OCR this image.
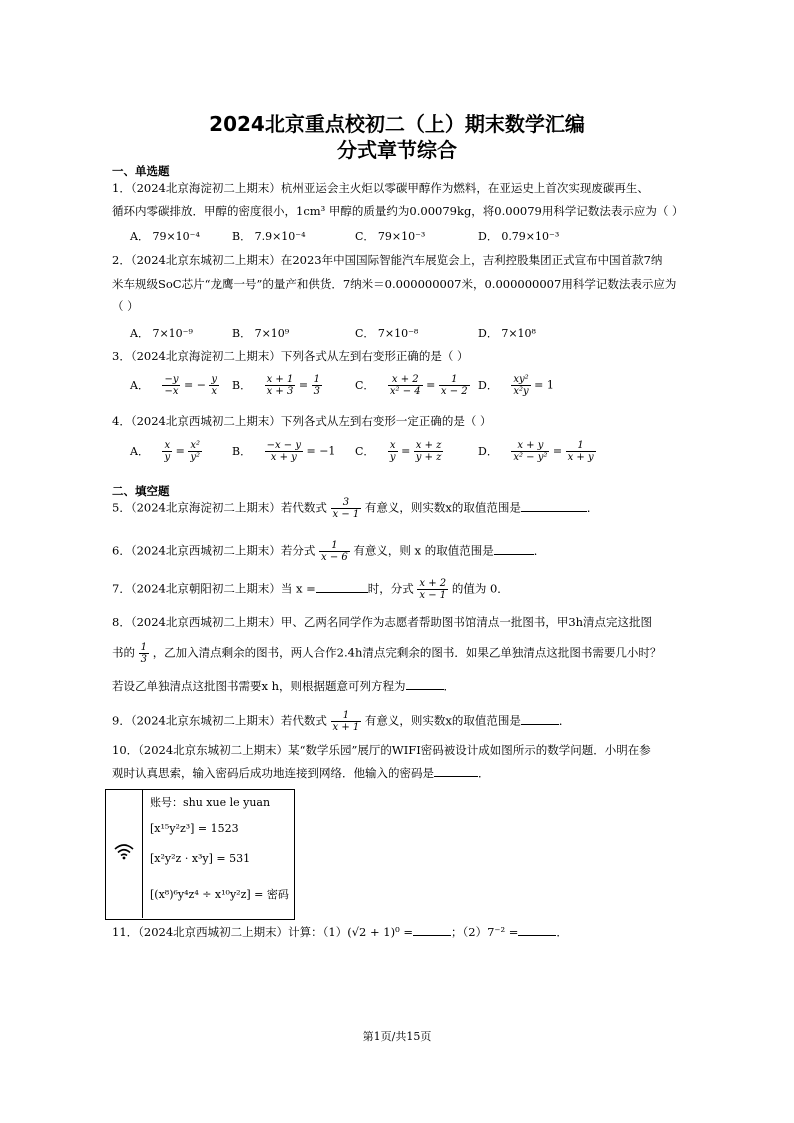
2024北京重点校初二（上）期末数学汇编
分式章节综合
一、单选题
1．（2024北京海淀初二上期末）杭州亚运会主火炬以零碳甲醇作为燃料，在亚运史上首次实现废碳再生、
循环内零碳排放．甲醇的密度很小，1cm³ 甲醇的质量约为0.00079kg，将0.00079用科学记数法表示应为（ ）
A． 79×10⁻⁴	B． 7.9×10⁻⁴	C． 79×10⁻³	D． 0.79×10⁻³
2．（2024北京东城初二上期末）在2023年中国国际智能汽车展览会上，吉利控股集团正式宣布中国首款7纳
米车规级SoC芯片“龙鹰一号”的量产和供货．7纳米＝0.000000007米，0.000000007用科学记数法表示应为
（ ）
A． 7×10⁻⁹	B． 7×10⁹	C． 7×10⁻⁸	D． 7×10⁸
3．（2024北京海淀初二上期末）下列各式从左到右变形正确的是（ ）
A． $\frac{-y}{-x}$ = − $\frac{y}{x}$ B． $\frac{x + 1}{x + 3} = \frac{1}{3}$	C． $\frac{x + 2}{\text{x² − 4}} = \frac{1}{x - 2}$ D． $\frac{\text{xy²}}{\text{x²y}} = 1$
4．（2024北京西城初二上期末）下列各式从左到右变形一定正确的是（ ）
A． $\frac{x}{y} = \frac{\text{x²}}{\text{y²}}$	B． $\frac{-x - y}{x + y} = -1$ C． $\frac{x}{y} = \frac{x + z}{y + z}$	D． $\frac{x + y}{\text{x² − y²}} = \frac{1}{x + y}$
二、填空题
5．（2024北京海淀初二上期末）若代数式 $\frac{3}{x - 1}$ 有意义，则实数x的取值范围是	．
6．（2024北京西城初二上期末）若分式 $\frac{1}{x - 6}$ 有意义，则 x 的取值范围是	．
7．（2024北京朝阳初二上期末）当 x =	时，分式 $\frac{x + 2}{x - 1}$ 的值为 0．
8．（2024北京西城初二上期末）甲、乙两名同学作为志愿者帮助图书馆清点一批图书，甲3h清点完这批图
书的 $\frac{1}{3}$ ，乙加入清点剩余的图书，两人合作2.4h清点完剩余的图书．如果乙单独清点这批图书需要几小时？
若设乙单独清点这批图书需要x h，则根据题意可列方程为	．
9．（2024北京东城初二上期末）若代数式 $\frac{1}{x + 1}$ 有意义，则实数x的取值范围是	．
10．（2024北京东城初二上期末）某“数学乐园”展厅的WIFI密码被设计成如图所示的数学问题．小明在参
观时认真思索，输入密码后成功地连接到网络．他输入的密码是	．
账号：shu xue le yuan
[x¹⁵y²z³] = 1523
[x²y²z · x³y] = 531
[(x⁸)⁶y⁴z⁴ ÷ x¹⁰y²z] = 密码
11．（2024北京西城初二上期末）计算：（1）(√2 + 1)⁰ =	；（2）7⁻² =	．
第1页/共15页
